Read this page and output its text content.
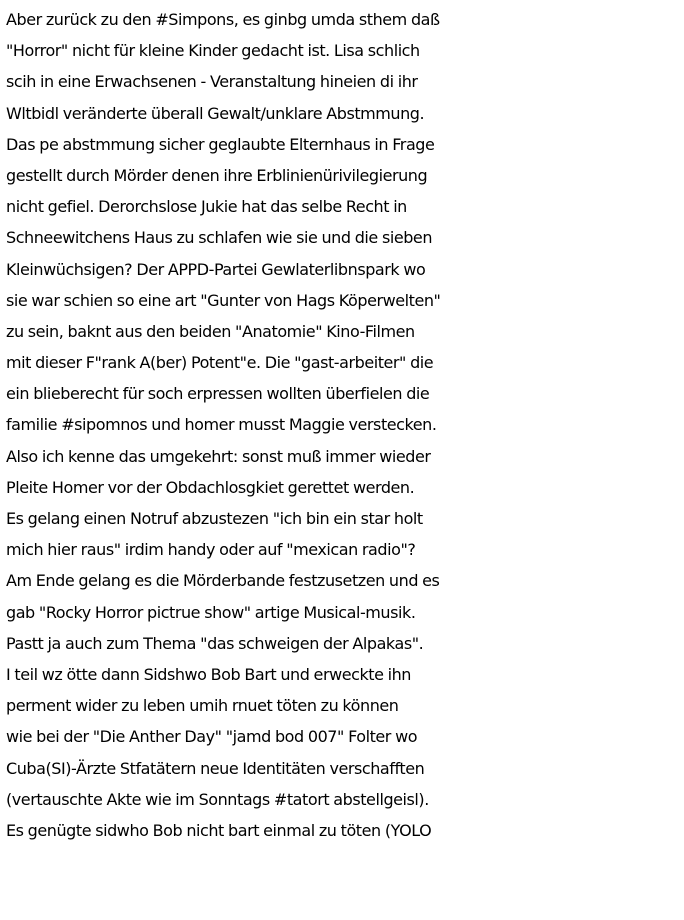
Aber zurück zu den #Simpons, es ginbg umda sthem daß
"Horror" nicht für kleine Kinder gedacht ist. Lisa schlich
scih in eine Erwachsenen - Veranstaltung hineien di ihr
Wltbidl veränderte überall Gewalt/unklare Abstmmung.
Das pe abstmmung sicher geglaubte Elternhaus in Frage
gestellt durch Mörder denen ihre Erblinienürivilegierung
nicht gefiel. Derorchslose Jukie hat das selbe Recht in
Schneewitchens Haus zu schlafen wie sie und die sieben
Kleinwüchsigen? Der APPD-Partei Gewlaterlibnspark wo
sie war schien so eine art "Gunter von Hags Köperwelten"
zu sein, baknt aus den beiden "Anatomie" Kino-Filmen
mit dieser F"rank A(ber) Potent"e. Die "gast-arbeiter" die
ein blieberecht für soch erpressen wollten überfielen die
familie #sipomnos und homer musst Maggie verstecken.
Also ich kenne das umgekehrt: sonst muß immer wieder
Pleite Homer vor der Obdachlosgkiet gerettet werden.
Es gelang einen Notruf abzustezen "ich bin ein star holt
mich hier raus" irdim handy oder auf "mexican radio"?
Am Ende gelang es die Mörderbande festzusetzen und es
gab "Rocky Horror pictrue show" artige Musical-musik.
Pastt ja auch zum Thema "das schweigen der Alpakas".
I teil wz ötte dann Sidshwo Bob Bart und erweckte ihn
perment wider zu leben umih rnuet töten zu können
wie bei der "Die Anther Day" "jamd bod 007" Folter wo
Cuba(SI)-Ärzte Stfatätern neue Identitäten verschafften
(vertauschte Akte wie im Sonntags #tatort abstellgeisl).
Es genügte sidwho Bob nicht bart einmal zu töten (YOLO
